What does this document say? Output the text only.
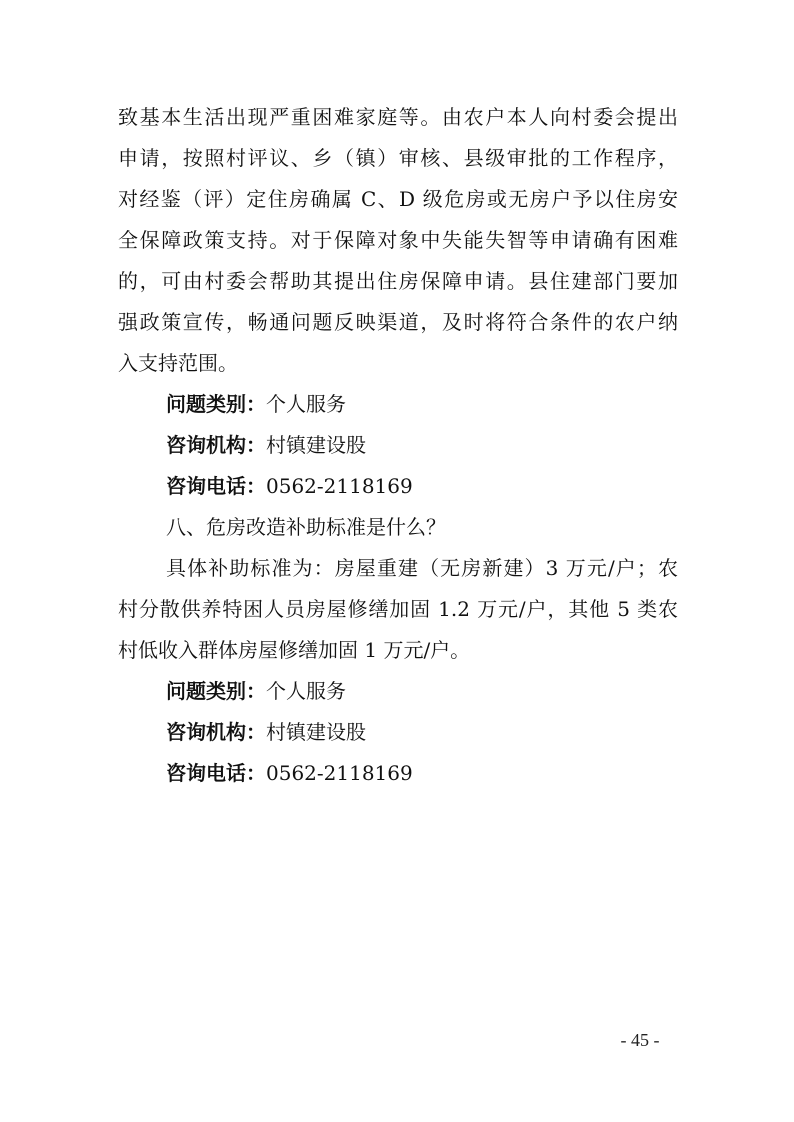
致基本生活出现严重困难家庭等。由农户本人向村委会提出
申请，按照村评议、乡（镇）审核、县级审批的工作程序，
对经鉴（评）定住房确属 C、D 级危房或无房户予以住房安
全保障政策支持。对于保障对象中失能失智等申请确有困难
的，可由村委会帮助其提出住房保障申请。县住建部门要加
强政策宣传，畅通问题反映渠道，及时将符合条件的农户纳
入支持范围。
问题类别：个人服务
咨询机构：村镇建设股
咨询电话：0562-2118169
八、危房改造补助标准是什么？
具体补助标准为：房屋重建（无房新建）3 万元/户；农
村分散供养特困人员房屋修缮加固 1.2 万元/户，其他 5 类农
村低收入群体房屋修缮加固 1 万元/户。
问题类别：个人服务
咨询机构：村镇建设股
咨询电话：0562-2118169
- 45 -
